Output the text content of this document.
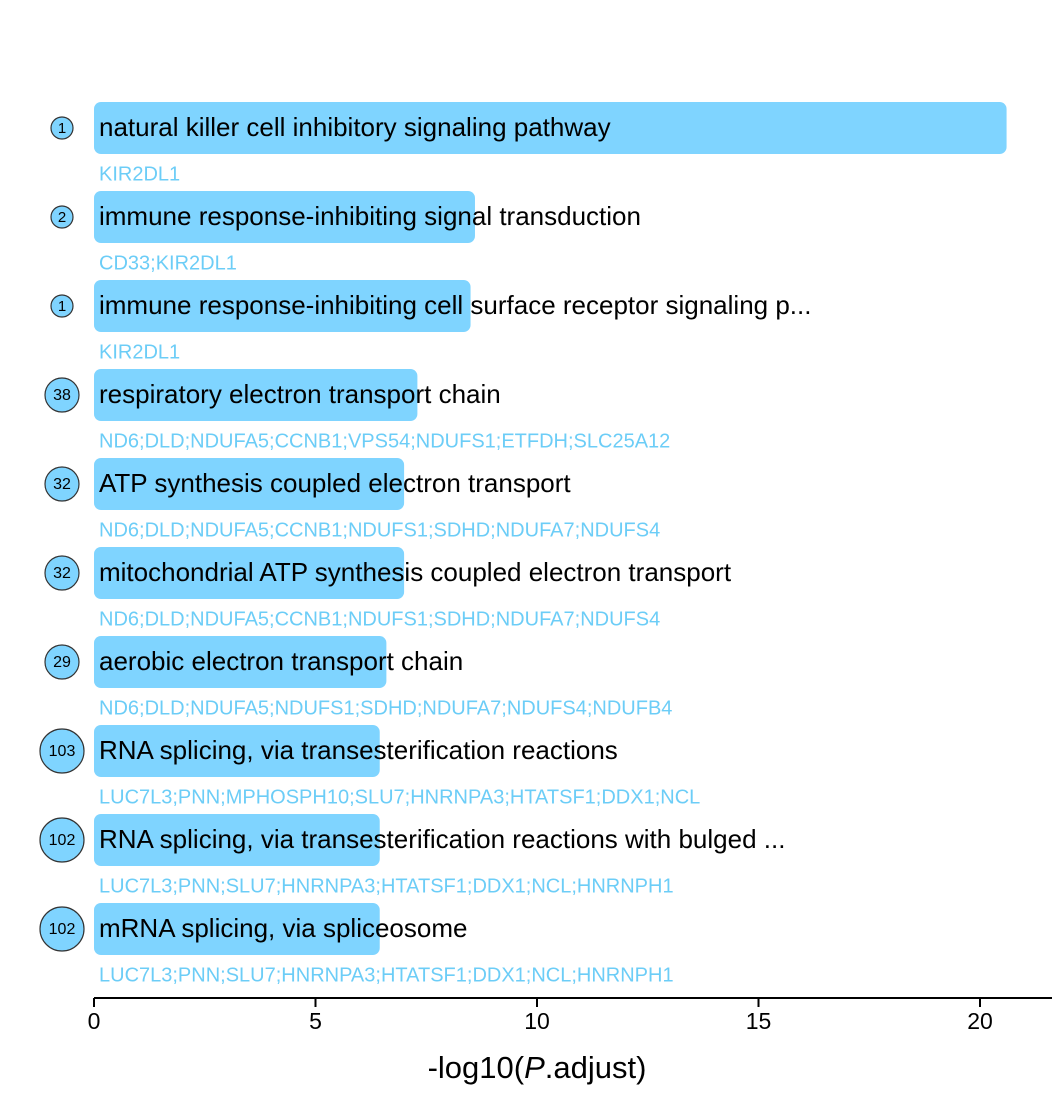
1 natural killer cell inhibitory signaling pathway
KIR2DL1
2 immune response-inhibiting signal transduction
CD33;KIR2DL1
1 immune response-inhibiting cell surface receptor signaling p...
KIR2DL1
38 respiratory electron transport chain
ND6;DLD;NDUFA5;CCNB1;VPS54;NDUFS1;ETFDH;SLC25A12
32 ATP synthesis coupled electron transport
ND6;DLD;NDUFA5;CCNB1;NDUFS1;SDHD;NDUFA7;NDUFS4
32 mitochondrial ATP synthesis coupled electron transport
ND6;DLD;NDUFA5;CCNB1;NDUFS1;SDHD;NDUFA7;NDUFS4
29 aerobic electron transport chain
ND6;DLD;NDUFA5;NDUFS1;SDHD;NDUFA7;NDUFS4;NDUFB4
103 RNA splicing, via transesterification reactions
LUC7L3;PNN;MPHOSPH10;SLU7;HNRNPA3;HTATSF1;DDX1;NCL
102 RNA splicing, via transesterification reactions with bulged ...
LUC7L3;PNN;SLU7;HNRNPA3;HTATSF1;DDX1;NCL;HNRNPH1
102 mRNA splicing, via spliceosome
LUC7L3;PNN;SLU7;HNRNPA3;HTATSF1;DDX1;NCL;HNRNPH1
0	5	10	15	20
-log10(P.adjust)
